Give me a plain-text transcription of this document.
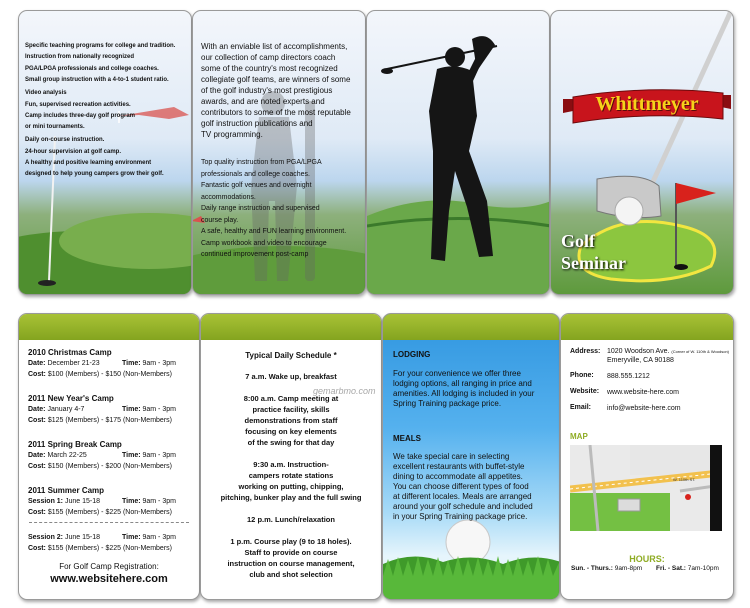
Specific teaching programs for college and tradition.
Instruction from nationally recognized
PGA/LPGA professionals and college coaches.
Small group instruction with a 4-to-1 student ratio.
Video analysis
Fun, supervised recreation activities.
Camp includes three-day golf program
or mini tournaments.
Daily on-course instruction.
24-hour supervision at golf camp.
A healthy and positive learning environment
designed to help young campers grow their golf.
With an enviable list of accomplishments,
our collection of camp directors coach
some of the country's most recognized
collegiate golf teams, are winners of some
of the golf industry's most prestigious
awards, and are noted experts and
contributors to some of the most reputable
golf instruction publications and
TV programming.
Top quality instruction from PGA/LPGA
professionals and college coaches.
Fantastic golf venues and overnight
accommodations.
Daily range instruction and supervised
course play.
A safe, healthy and FUN learning environment.
Camp workbook and video to encourage
continued improvement post-camp
Whittmeyer
Golf
Seminar
2010 Christmas Camp
Date: December 21-23	Time: 9am - 3pm
Cost: $100 (Members) - $150 (Non-Members)
2011 New Year's Camp
Date: January 4-7	Time: 9am - 3pm
Cost: $125 (Members) - $175 (Non-Members)
2011 Spring Break Camp
Date: March 22-25	Time: 9am - 3pm
Cost: $150 (Members) - $200 (Non-Members)
2011 Summer Camp
Session 1: June 15-18	Time: 9am - 3pm
Cost: $155 (Members) - $225 (Non-Members)
Session 2: June 15-18	Time: 9am - 3pm
Cost: $155 (Members) - $225 (Non-Members)
For Golf Camp Registration:
www.websitehere.com
Typical Daily Schedule *
7 a.m. Wake up, breakfast
8:00 a.m. Camp meeting at
practice facility, skills
demonstrations from staff
focusing on key elements
of the swing for that day
9:30 a.m. Instruction-
campers rotate stations
working on putting, chipping,
pitching, bunker play and the full swing
12 p.m. Lunch/relaxation
1 p.m. Course play (9 to 18 holes).
Staff to provide on course
instruction on course management,
club and shot selection
gemarbmo.com
LODGING
For your convenience we offer three
lodging options, all ranging in price and
amenities. All lodging is included in your
Spring Training package price.
MEALS
We take special care in selecting
excellent restaurants with buffet-style
dining to accommodate all appetites.
You can choose different types of food
at different locales. Meals are arranged
around your golf schedule and included
in your Spring Training package price.
Address: 1020 Woodson Ave. (Corner of W. 110th & Woodson)
Emeryville, CA 90188
Phone: 888.555.1212
Website: www.website-here.com
Email: info@website-here.com
MAP
W. 110th ST.
HOURS:
Sun. - Thurs.: 9am-8pm Fri. - Sat.: 7am-10pm
